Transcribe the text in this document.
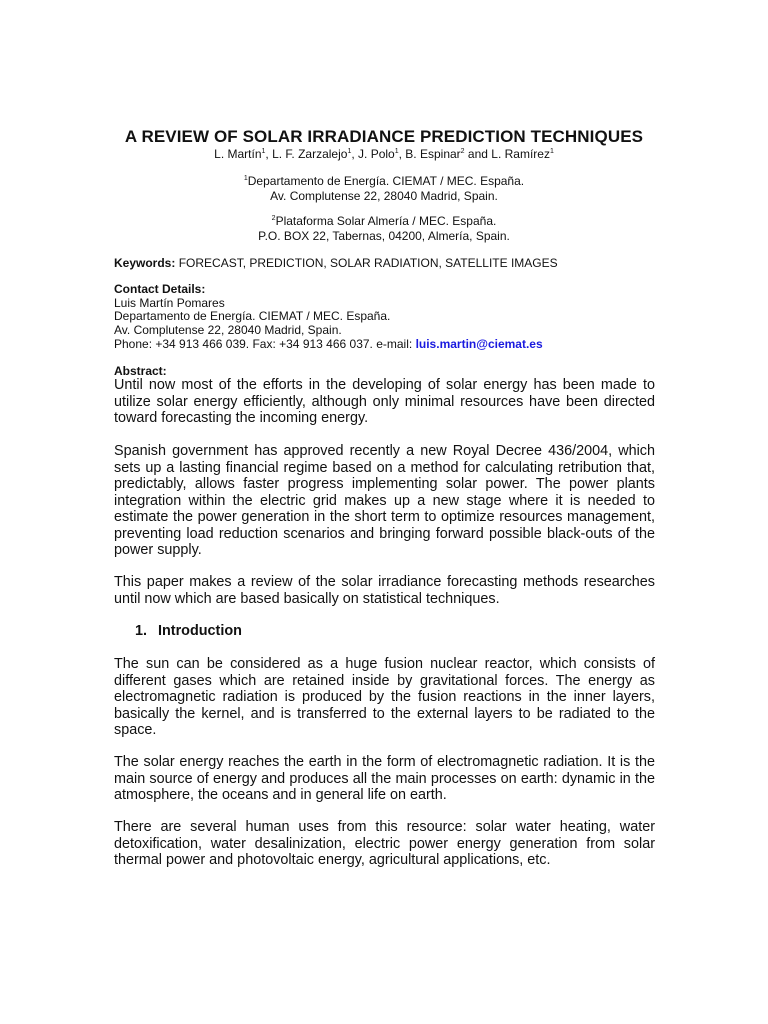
A REVIEW OF SOLAR IRRADIANCE PREDICTION TECHNIQUES
L. Martín$^1$, L. F. Zarzalejo$^1$, J. Polo$^1$, B. Espinar$^2$ and L. Ramírez$^1$
$^1$Departamento de Energía. CIEMAT / MEC. España.
Av. Complutense 22, 28040 Madrid, Spain.
$^2$Plataforma Solar Almería / MEC. España.
P.O. BOX 22, Tabernas, 04200, Almería, Spain.
Keywords: FORECAST, PREDICTION, SOLAR RADIATION, SATELLITE IMAGES
Contact Details:
Luis Martín Pomares
Departamento de Energía. CIEMAT / MEC. España.
Av. Complutense 22, 28040 Madrid, Spain.
Phone: +34 913 466 039. Fax: +34 913 466 037. e-mail: luis.martin@ciemat.es
Abstract:
Until now most of the efforts in the developing of solar energy has been made to utilize solar energy efficiently, although only minimal resources have been directed toward forecasting the incoming energy.
Spanish government has approved recently a new Royal Decree 436/2004, which sets up a lasting financial regime based on a method for calculating retribution that, predictably, allows faster progress implementing solar power. The power plants integration within the electric grid makes up a new stage where it is needed to estimate the power generation in the short term to optimize resources management, preventing load reduction scenarios and bringing forward possible black-outs of the power supply.
This paper makes a review of the solar irradiance forecasting methods researches until now which are based basically on statistical techniques.
1. Introduction
The sun can be considered as a huge fusion nuclear reactor, which consists of different gases which are retained inside by gravitational forces. The energy as electromagnetic radiation is produced by the fusion reactions in the inner layers, basically the kernel, and is transferred to the external layers to be radiated to the space.
The solar energy reaches the earth in the form of electromagnetic radiation. It is the main source of energy and produces all the main processes on earth: dynamic in the atmosphere, the oceans and in general life on earth.
There are several human uses from this resource: solar water heating, water detoxification, water desalinization, electric power energy generation from solar thermal power and photovoltaic energy, agricultural applications, etc.
